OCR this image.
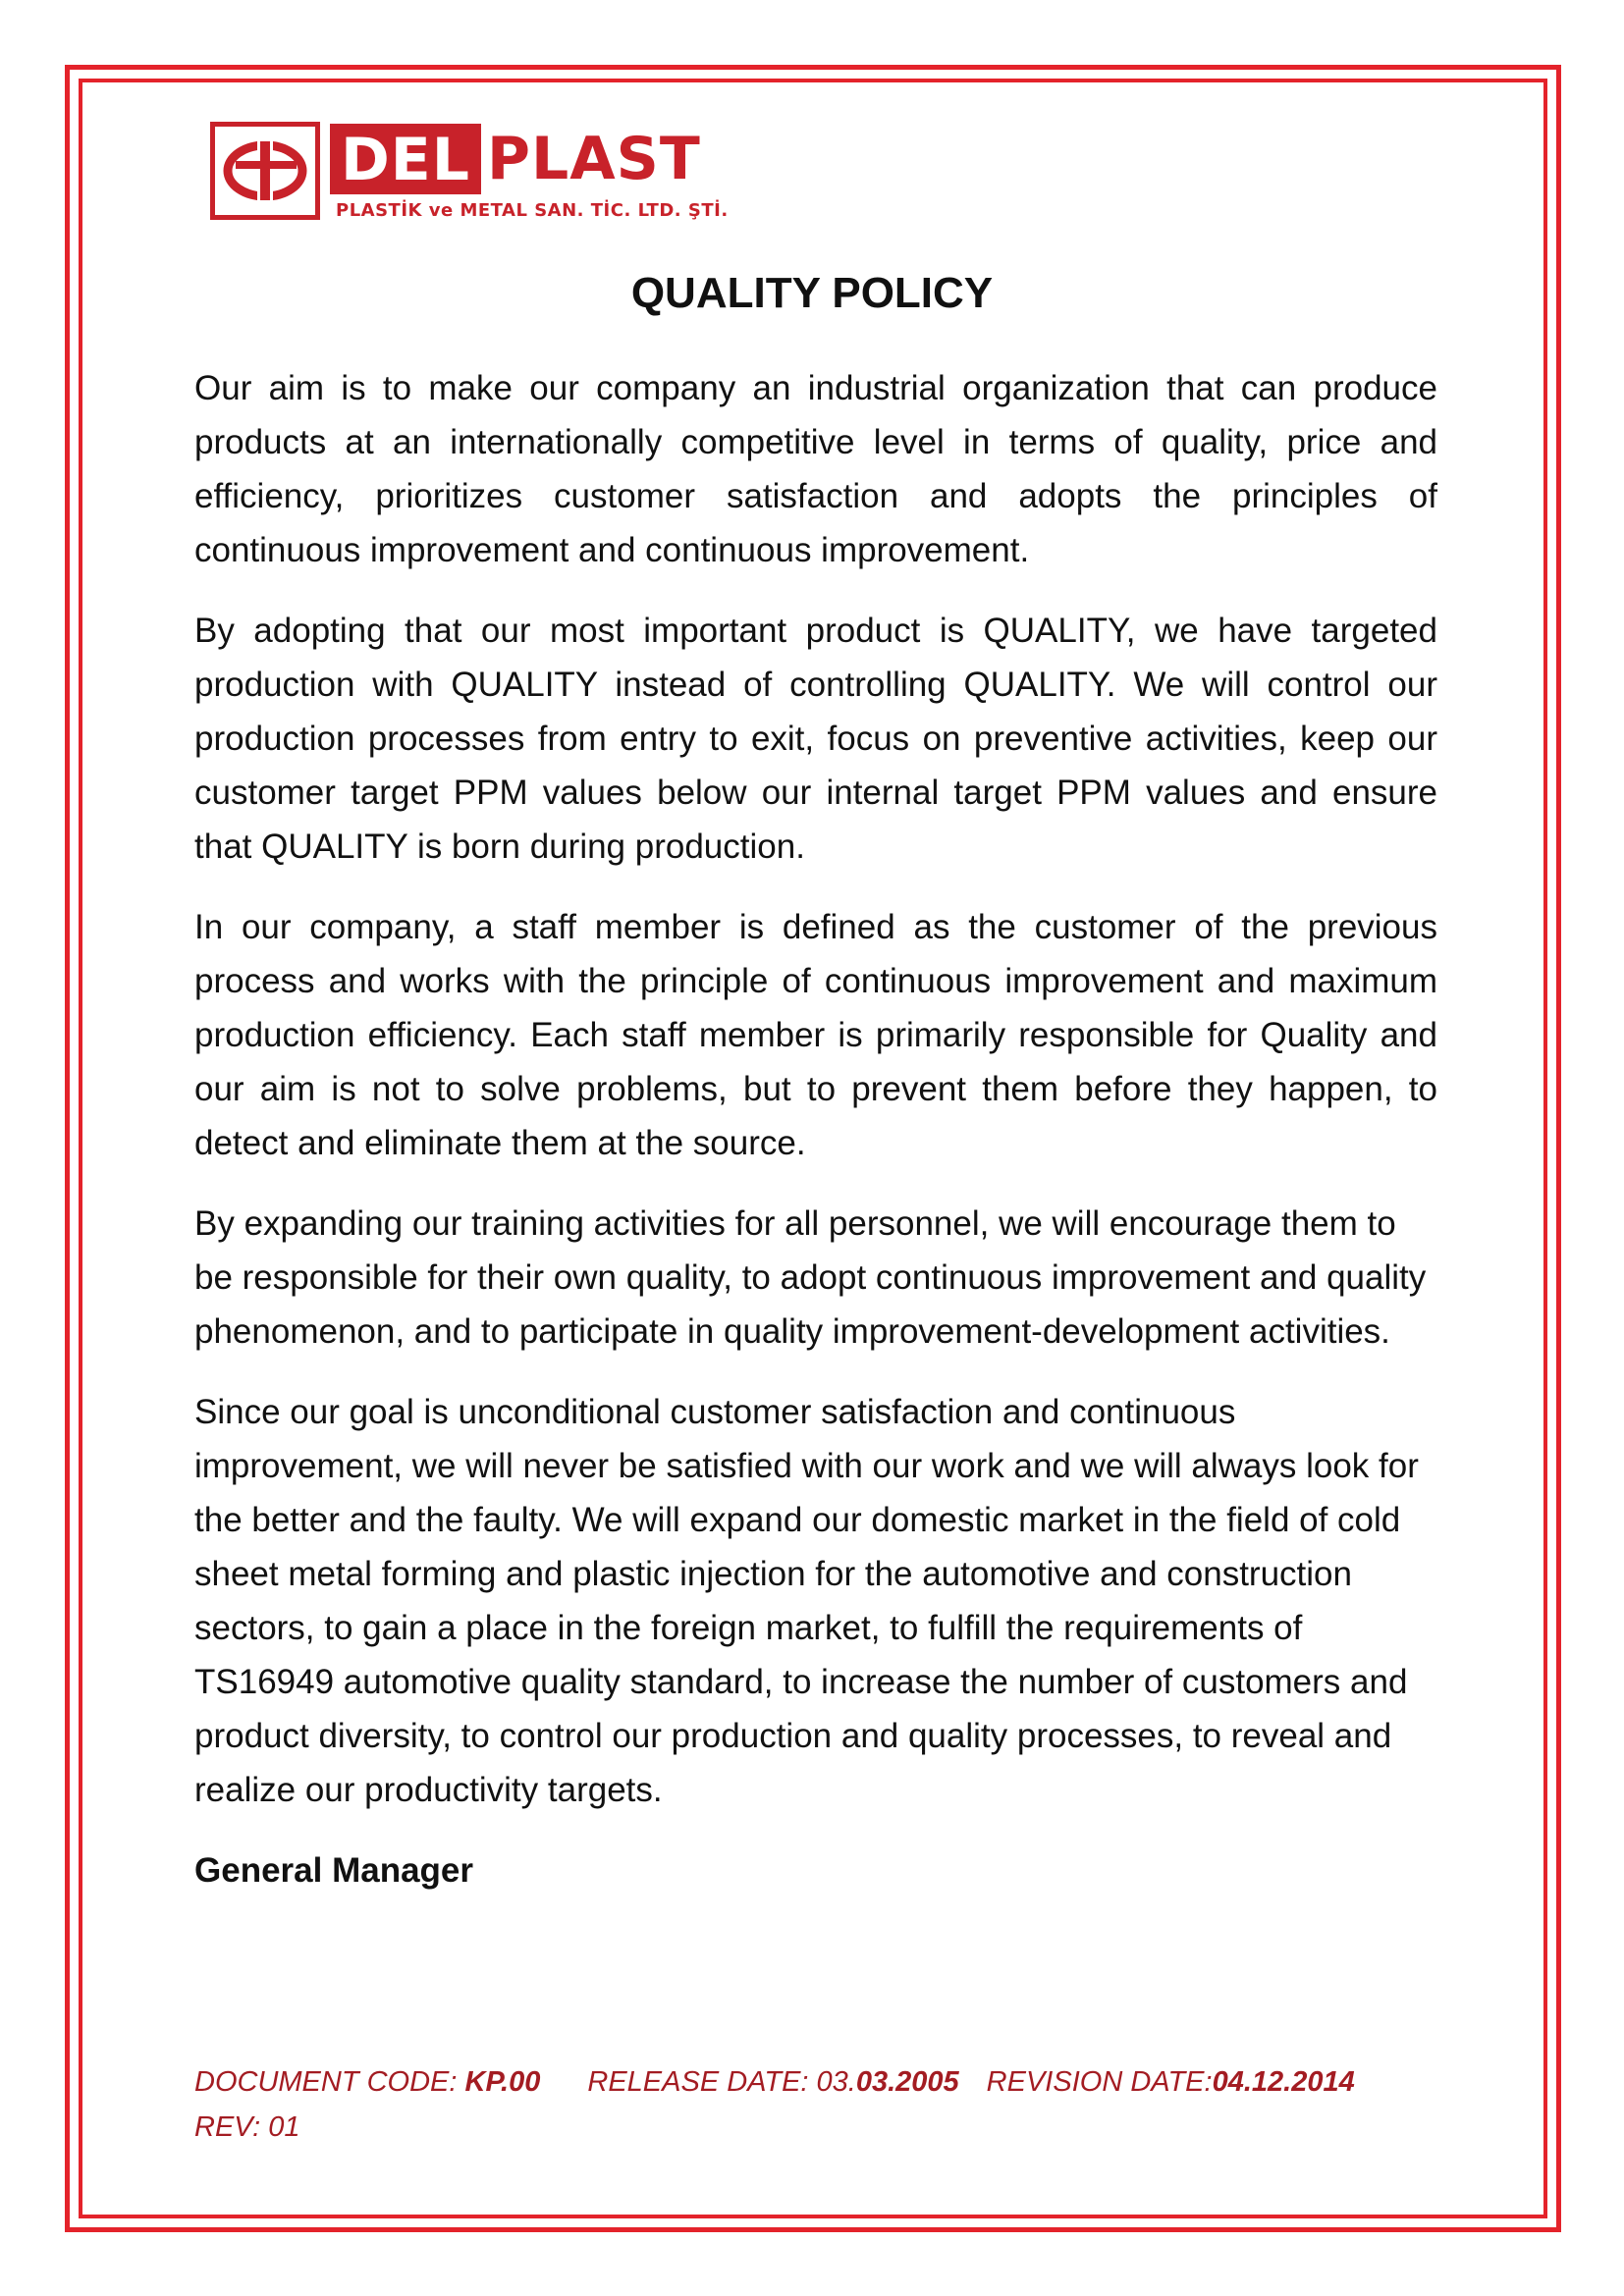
DEL PLAST
PLASTİK ve METAL SAN. TİC. LTD. ŞTİ.
QUALITY POLICY

Our aim is to make our company an industrial organization that can produce products at an internationally competitive level in terms of quality, price and efficiency, prioritizes customer satisfaction and adopts the principles of continuous improvement and continuous improvement.

By adopting that our most important product is QUALITY, we have targeted production with QUALITY instead of controlling QUALITY. We will control our production processes from entry to exit, focus on preventive activities, keep our customer target PPM values below our internal target PPM values and ensure that QUALITY is born during production.

In our company, a staff member is defined as the customer of the previous process and works with the principle of continuous improvement and maximum production efficiency. Each staff member is primarily responsible for Quality and our aim is not to solve problems, but to prevent them before they happen, to detect and eliminate them at the source.

By expanding our training activities for all personnel, we will encourage them to be responsible for their own quality, to adopt continuous improvement and quality phenomenon, and to participate in quality improvement-development activities.

Since our goal is unconditional customer satisfaction and continuous improvement, we will never be satisfied with our work and we will always look for the better and the faulty. We will expand our domestic market in the field of cold sheet metal forming and plastic injection for the automotive and construction sectors, to gain a place in the foreign market, to fulfill the requirements of TS16949 automotive quality standard, to increase the number of customers and product diversity, to control our production and quality processes, to reveal and realize our productivity targets.

General Manager

DOCUMENT CODE: KP.00 RELEASE DATE: 03.03.2005 REVISION DATE:04.12.2014
REV: 01
